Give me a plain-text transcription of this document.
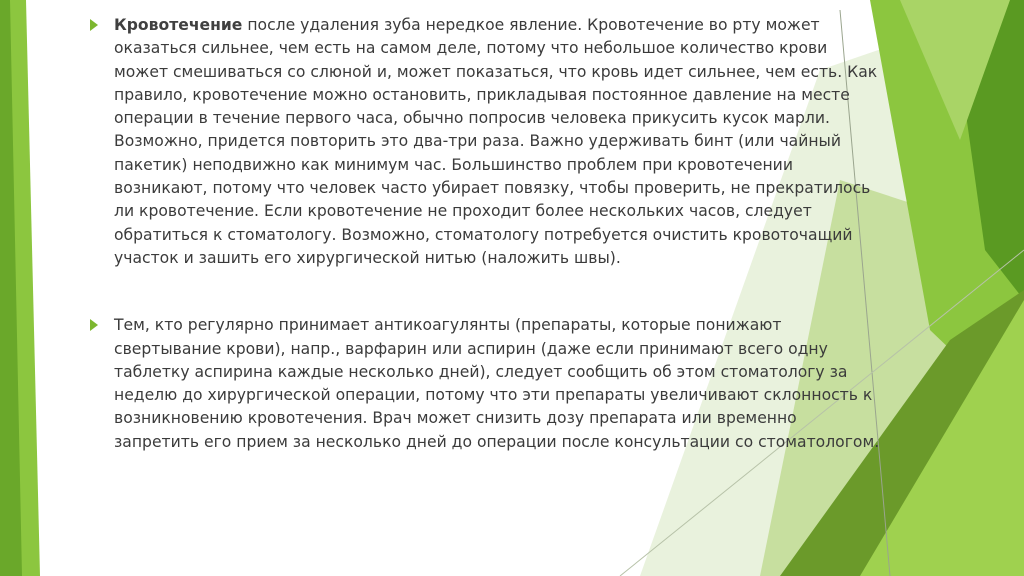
Кровотечение после удаления зуба нередкое явление. Кровотечение во рту может оказаться сильнее, чем есть на самом деле, потому что небольшое количество крови может смешиваться со слюной и, может показаться, что кровь идет сильнее, чем есть. Как правило, кровотечение можно остановить, прикладывая постоянное давление на месте операции в течение первого часа, обычно попросив человека прикусить кусок марли. Возможно, придется повторить это два-три раза. Важно удерживать бинт (или чайный пакетик) неподвижно как минимум час. Большинство проблем при кровотечении возникают, потому что человек часто убирает повязку, чтобы проверить, не прекратилось ли кровотечение. Если кровотечение не проходит более нескольких часов, следует обратиться к стоматологу. Возможно, стоматологу потребуется очистить кровоточащий участок и зашить его хирургической нитью (наложить швы).

Тем, кто регулярно принимает антикоагулянты (препараты, которые понижают свертывание крови), напр., варфарин или аспирин (даже если принимают всего одну таблетку аспирина каждые несколько дней), следует сообщить об этом стоматологу за неделю до хирургической операции, потому что эти препараты увеличивают склонность к возникновению кровотечения. Врач может снизить дозу препарата или временно запретить его прием за несколько дней до операции после консультации со стоматологом.
